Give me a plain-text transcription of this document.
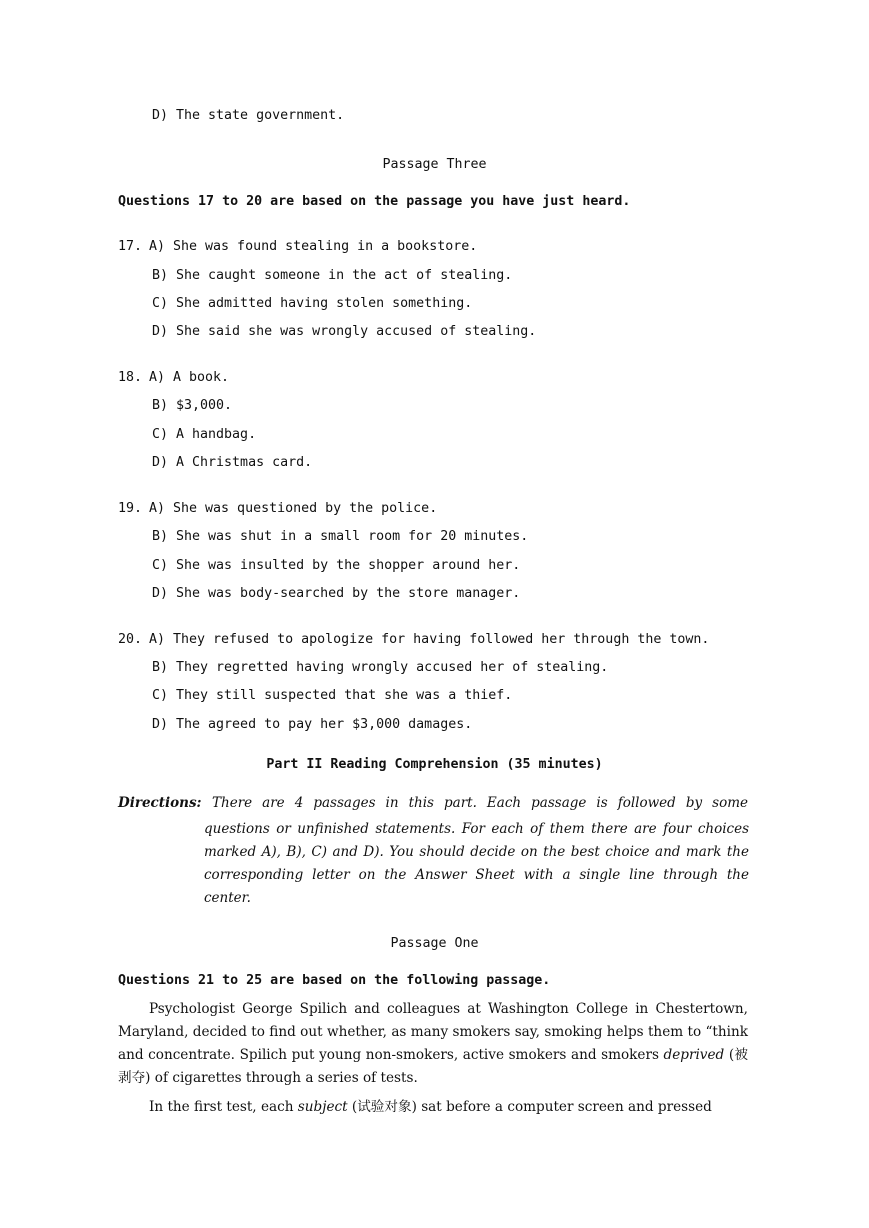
D) The state government.
Passage Three
Questions 17 to 20 are based on the passage you have just heard.
17. A) She was found stealing in a bookstore.
B) She caught someone in the act of stealing.
C) She admitted having stolen something.
D) She said she was wrongly accused of stealing.
18. A) A book.
B) $3,000.
C) A handbag.
D) A Christmas card.
19. A) She was questioned by the police.
B) She was shut in a small room for 20 minutes.
C) She was insulted by the shopper around her.
D) She was body-searched by the store manager.
20. A) They refused to apologize for having followed her through the town.
B) They regretted having wrongly accused her of stealing.
C) They still suspected that she was a thief.
D) The agreed to pay her $3,000 damages.
Part II Reading Comprehension (35 minutes)
Directions: There are 4 passages in this part. Each passage is followed by some
questions or unfinished statements. For each of them there are four choices marked A), B), C) and D). You should decide on the best choice and mark the corresponding letter on the Answer Sheet with a single line through the center.
Passage One
Questions 21 to 25 are based on the following passage.
Psychologist George Spilich and colleagues at Washington College in Chestertown, Maryland, decided to find out whether, as many smokers say, smoking helps them to “think and concentrate. Spilich put young non-smokers, active smokers and smokers deprived (被剥夺) of cigarettes through a series of tests.
In the first test, each subject (试验对象) sat before a computer screen and pressed
